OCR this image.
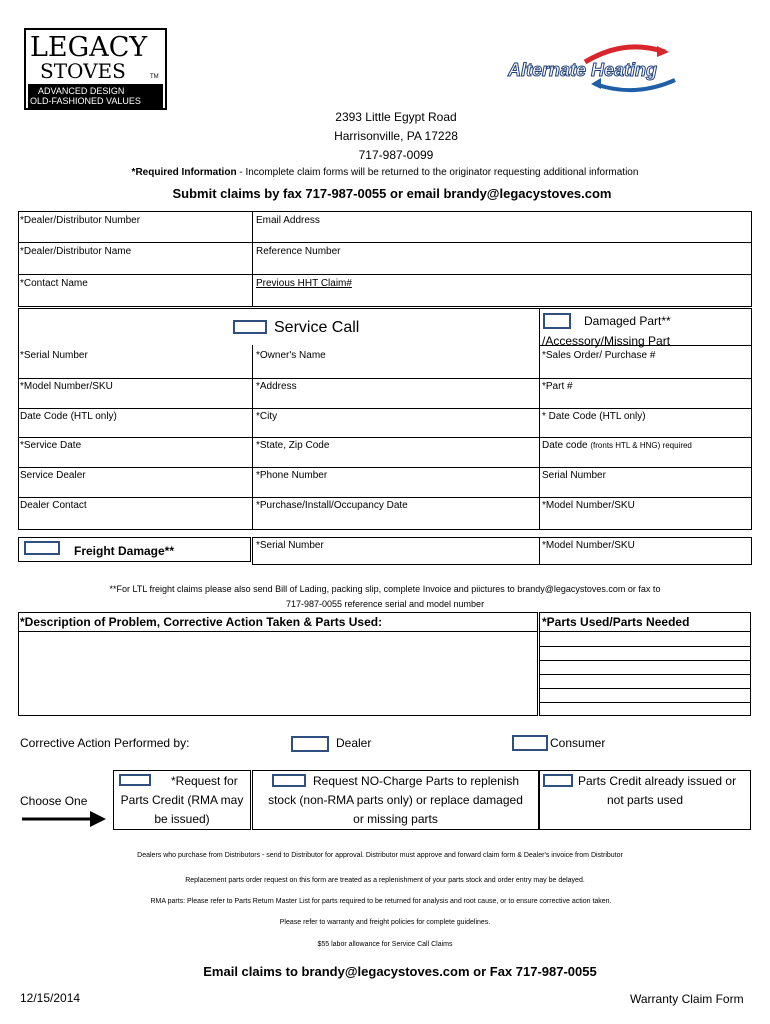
LEGACY
STOVES	TM
ADVANCED DESIGN
OLD-FASHIONED VALUES
Alternate Heating
2393 Little Egypt Road
Harrisonville, PA 17228
717-987-0099
*Required Information - Incomplete claim forms will be returned to the originator requesting additional information
Submit claims by fax 717-987-0055 or email brandy@legacystoves.com
*Dealer/Distributor Number	Email Address
*Dealer/Distributor Name	Reference Number
*Contact Name	Previous HHT Claim#
Service Call	Damaged Part**
/Accessory/Missing Part
*Serial Number	*Owner's Name	*Sales Order/ Purchase #
*Model Number/SKU	*Address	*Part #
Date Code (HTL only)	*City	* Date Code (HTL only)
*Service Date	*State, Zip Code	Date code (fronts HTL & HNG) required
Service Dealer	*Phone Number	Serial Number
Dealer Contact	*Purchase/Install/Occupancy Date	*Model Number/SKU
Freight Damage**	*Serial Number	*Model Number/SKU
**For LTL freight claims please also send Bill of Lading, packing slip, complete Invoice and piictures to brandy@legacystoves.com or fax to
717-987-0055 reference serial and model number
*Description of Problem, Corrective Action Taken & Parts Used:	*Parts Used/Parts Needed
Corrective Action Performed by:	Dealer	Consumer
Choose One
*Request for
Parts Credit (RMA may
be issued)
Request NO-Charge Parts to replenish
stock (non-RMA parts only) or replace damaged
or missing parts
Parts Credit already issued or
not parts used
Dealers who purchase from Distributors - send to Distributor for approval. Distributor must approve and forward claim form & Dealer's invoice from Distributor
Replacement parts order request on this form are treated as a replenishment of your parts stock and order entry may be delayed.
RMA parts: Please refer to Parts Return Master List for parts required to be returned for analysis and root cause, or to ensure corrective action taken.
Please refer to warranty and freight policies for complete guidelines.
$55 labor allowance for Service Call Claims
Email claims to brandy@legacystoves.com or Fax 717-987-0055
12/15/2014	Warranty Claim Form
